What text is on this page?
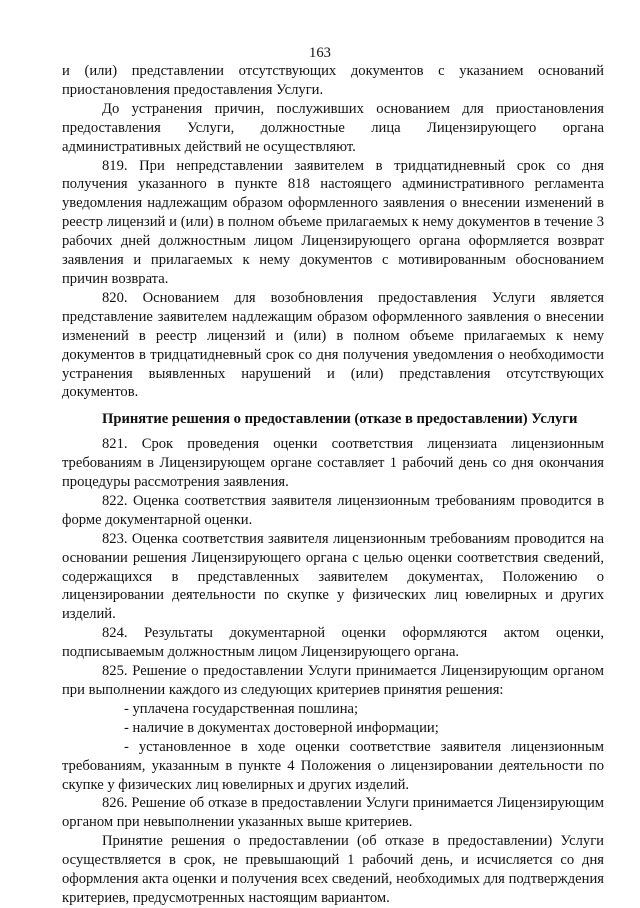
163

и (или) представлении отсутствующих документов с указанием оснований приостановления предоставления Услуги.

До устранения причин, послуживших основанием для приостановления предоставления Услуги, должностные лица Лицензирующего органа административных действий не осуществляют.

819. При непредставлении заявителем в тридцатидневный срок со дня получения указанного в пункте 818 настоящего административного регламента уведомления надлежащим образом оформленного заявления о внесении изменений в реестр лицензий и (или) в полном объеме прилагаемых к нему документов в течение 3 рабочих дней должностным лицом Лицензирующего органа оформляется возврат заявления и прилагаемых к нему документов с мотивированным обоснованием причин возврата.

820. Основанием для возобновления предоставления Услуги является представление заявителем надлежащим образом оформленного заявления о внесении изменений в реестр лицензий и (или) в полном объеме прилагаемых к нему документов в тридцатидневный срок со дня получения уведомления о необходимости устранения выявленных нарушений и (или) представления отсутствующих документов.

Принятие решения о предоставлении (отказе в предоставлении) Услуги

821. Срок проведения оценки соответствия лицензиата лицензионным требованиям в Лицензирующем органе составляет 1 рабочий день со дня окончания процедуры рассмотрения заявления.

822. Оценка соответствия заявителя лицензионным требованиям проводится в форме документарной оценки.

823. Оценка соответствия заявителя лицензионным требованиям проводится на основании решения Лицензирующего органа с целью оценки соответствия сведений, содержащихся в представленных заявителем документах, Положению о лицензировании деятельности по скупке у физических лиц ювелирных и других изделий.

824. Результаты документарной оценки оформляются актом оценки, подписываемым должностным лицом Лицензирующего органа.

825. Решение о предоставлении Услуги принимается Лицензирующим органом при выполнении каждого из следующих критериев принятия решения:

- уплачена государственная пошлина;

- наличие в документах достоверной информации;

- установленное в ходе оценки соответствие заявителя лицензионным требованиям, указанным в пункте 4 Положения о лицензировании деятельности по скупке у физических лиц ювелирных и других изделий.

826. Решение об отказе в предоставлении Услуги принимается Лицензирующим органом при невыполнении указанных выше критериев.

Принятие решения о предоставлении (об отказе в предоставлении) Услуги осуществляется в срок, не превышающий 1 рабочий день, и исчисляется со дня оформления акта оценки и получения всех сведений, необходимых для подтверждения критериев, предусмотренных настоящим вариантом.
